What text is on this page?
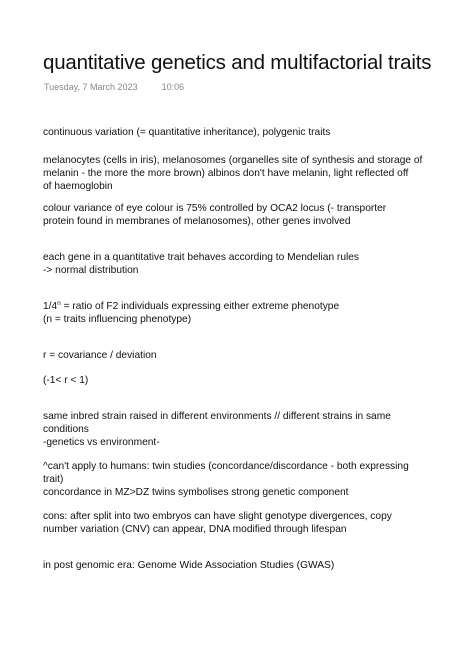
quantitative genetics and multifactorial traits
Tuesday, 7 March 2023	10:06

continuous variation (= quantitative inheritance), polygenic traits

melanocytes (cells in iris), melanosomes (organelles site of synthesis and storage of

melanin - the more the more brown) albinos don't have melanin, light reflected off

of haemoglobin

colour variance of eye colour is 75% controlled by OCA2 locus (- transporter

protein found in membranes of melanosomes), other genes involved

each gene in a quantitative trait behaves according to Mendelian rules

-> normal distribution

$1/4^n$ = ratio of F2 individuals expressing either extreme phenotype

(n = traits influencing phenotype)

r = covariance / deviation

(-1< r < 1)

same inbred strain raised in different environments // different strains in same

conditions

-genetics vs environment-

^can't apply to humans: twin studies (concordance/discordance - both expressing

trait)

concordance in MZ>DZ twins symbolises strong genetic component

cons: after split into two embryos can have slight genotype divergences, copy

number variation (CNV) can appear, DNA modified through lifespan

in post genomic era: Genome Wide Association Studies (GWAS)
